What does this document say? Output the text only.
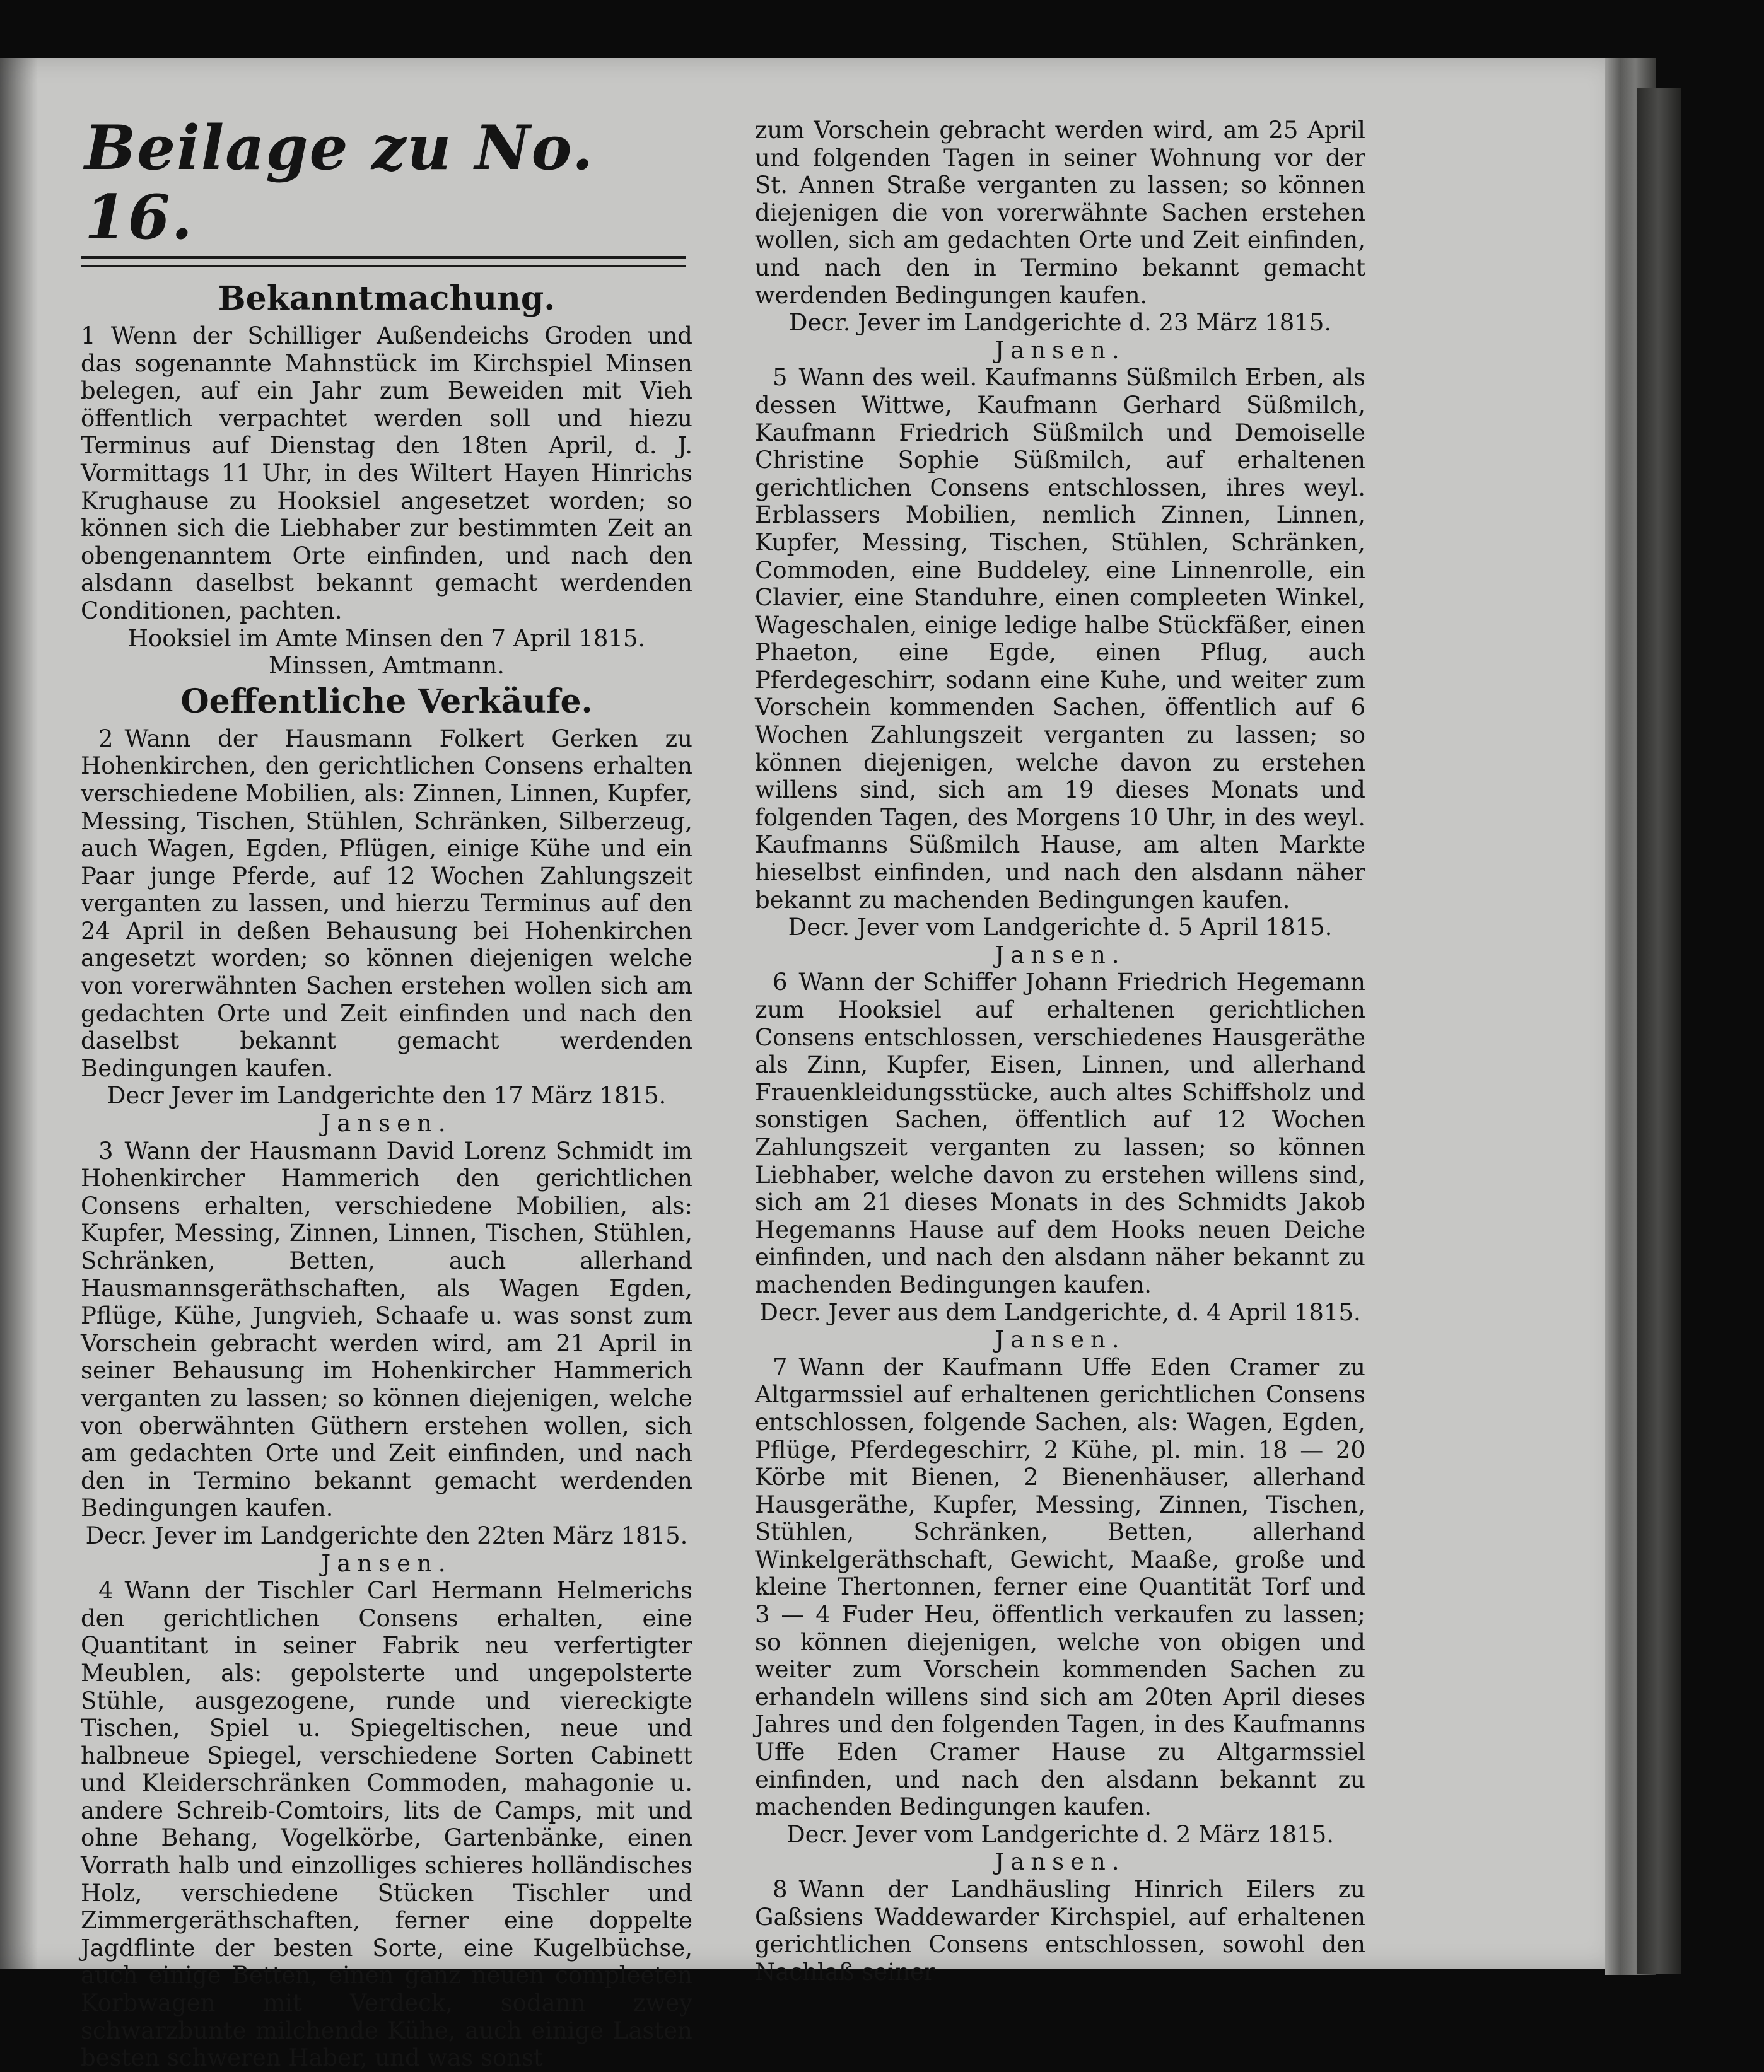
Beilage zu No. 16.
Bekanntmachung.

1 Wenn der Schilliger Außendeichs Groden und das sogenannte Mahnstück im Kirchspiel Minsen belegen, auf ein Jahr zum Beweiden mit Vieh öffentlich verpachtet werden soll und hiezu Terminus auf Dienstag den 18ten April, d. J. Vormittags 11 Uhr, in des Wiltert Hayen Hinrichs Krughause zu Hooksiel angesetzet worden; so können sich die Liebhaber zur bestimmten Zeit an obengenanntem Orte einfinden, und nach den alsdann daselbst bekannt gemacht werdenden Conditionen, pachten.

Hooksiel im Amte Minsen den 7 April 1815.

Minssen, Amtmann.

Oeffentliche Verkäufe.

2 Wann der Hausmann Folkert Gerken zu Hohenkirchen, den gerichtlichen Consens erhalten verschiedene Mobilien, als: Zinnen, Linnen, Kupfer, Messing, Tischen, Stühlen, Schränken, Silberzeug, auch Wagen, Egden, Pflügen, einige Kühe und ein Paar junge Pferde, auf 12 Wochen Zahlungszeit verganten zu lassen, und hierzu Terminus auf den 24 April in deßen Behausung bei Hohenkirchen angesetzt worden; so können diejenigen welche von vorerwähnten Sachen erstehen wollen sich am gedachten Orte und Zeit einfinden und nach den daselbst bekannt gemacht werdenden Bedingungen kaufen.

Decr Jever im Landgerichte den 17 März 1815.

Jansen.

3 Wann der Hausmann David Lorenz Schmidt im Hohenkircher Hammerich den gerichtlichen Consens erhalten, verschiedene Mobilien, als: Kupfer, Messing, Zinnen, Linnen, Tischen, Stühlen, Schränken, Betten, auch allerhand Hausmannsgeräthschaften, als Wagen Egden, Pflüge, Kühe, Jungvieh, Schaafe u. was sonst zum Vorschein gebracht werden wird, am 21 April in seiner Behausung im Hohenkircher Hammerich verganten zu lassen; so können diejenigen, welche von oberwähnten Güthern erstehen wollen, sich am gedachten Orte und Zeit einfinden, und nach den in Termino bekannt gemacht werdenden Bedingungen kaufen.

Decr. Jever im Landgerichte den 22ten März 1815.

Jansen.

4 Wann der Tischler Carl Hermann Helmerichs den gerichtlichen Consens erhalten, eine Quantitant in seiner Fabrik neu verfertigter Meublen, als: gepolsterte und ungepolsterte Stühle, ausgezogene, runde und viereckigte Tischen, Spiel u. Spiegeltischen, neue und halbneue Spiegel, verschiedene Sorten Cabinett und Kleiderschränken Commoden, mahagonie u. andere Schreib-Comtoirs, lits de Camps, mit und ohne Behang, Vogelkörbe, Gartenbänke, einen Vorrath halb und einzolliges schieres holländisches Holz, verschiedene Stücken Tischler und Zimmergeräthschaften, ferner eine doppelte Jagdflinte der besten Sorte, eine Kugelbüchse, auch einige Betten, einen ganz neuen compleeten Korbwagen mit Verdeck, sodann zwey schwarzbunte milchende Kühe, auch einige Lasten besten schweren Haber, und was sonst

zum Vorschein gebracht werden wird, am 25 April und folgenden Tagen in seiner Wohnung vor der St. Annen Straße verganten zu lassen; so können diejenigen die von vorerwähnte Sachen erstehen wollen, sich am gedachten Orte und Zeit einfinden, und nach den in Termino bekannt gemacht werdenden Bedingungen kaufen.

Decr. Jever im Landgerichte d. 23 März 1815.

Jansen.

5 Wann des weil. Kaufmanns Süßmilch Erben, als dessen Wittwe, Kaufmann Gerhard Süßmilch, Kaufmann Friedrich Süßmilch und Demoiselle Christine Sophie Süßmilch, auf erhaltenen gerichtlichen Consens entschlossen, ihres weyl. Erblassers Mobilien, nemlich Zinnen, Linnen, Kupfer, Messing, Tischen, Stühlen, Schränken, Commoden, eine Buddeley, eine Linnenrolle, ein Clavier, eine Standuhre, einen compleeten Winkel, Wageschalen, einige ledige halbe Stückfäßer, einen Phaeton, eine Egde, einen Pflug, auch Pferdegeschirr, sodann eine Kuhe, und weiter zum Vorschein kommenden Sachen, öffentlich auf 6 Wochen Zahlungszeit verganten zu lassen; so können diejenigen, welche davon zu erstehen willens sind, sich am 19 dieses Monats und folgenden Tagen, des Morgens 10 Uhr, in des weyl. Kaufmanns Süßmilch Hause, am alten Markte hieselbst einfinden, und nach den alsdann näher bekannt zu machenden Bedingungen kaufen.

Decr. Jever vom Landgerichte d. 5 April 1815.

Jansen.

6 Wann der Schiffer Johann Friedrich Hegemann zum Hooksiel auf erhaltenen gerichtlichen Consens entschlossen, verschiedenes Hausgeräthe als Zinn, Kupfer, Eisen, Linnen, und allerhand Frauenkleidungsstücke, auch altes Schiffsholz und sonstigen Sachen, öffentlich auf 12 Wochen Zahlungszeit verganten zu lassen; so können Liebhaber, welche davon zu erstehen willens sind, sich am 21 dieses Monats in des Schmidts Jakob Hegemanns Hause auf dem Hooks neuen Deiche einfinden, und nach den alsdann näher bekannt zu machenden Bedingungen kaufen.

Decr. Jever aus dem Landgerichte, d. 4 April 1815.

Jansen.

7 Wann der Kaufmann Uffe Eden Cramer zu Altgarmssiel auf erhaltenen gerichtlichen Consens entschlossen, folgende Sachen, als: Wagen, Egden, Pflüge, Pferdegeschirr, 2 Kühe, pl. min. 18 — 20 Körbe mit Bienen, 2 Bienenhäuser, allerhand Hausgeräthe, Kupfer, Messing, Zinnen, Tischen, Stühlen, Schränken, Betten, allerhand Winkelgeräthschaft, Gewicht, Maaße, große und kleine Thertonnen, ferner eine Quantität Torf und 3 — 4 Fuder Heu, öffentlich verkaufen zu lassen; so können diejenigen, welche von obigen und weiter zum Vorschein kommenden Sachen zu erhandeln willens sind sich am 20ten April dieses Jahres und den folgenden Tagen, in des Kaufmanns Uffe Eden Cramer Hause zu Altgarmssiel einfinden, und nach den alsdann bekannt zu machenden Bedingungen kaufen.

Decr. Jever vom Landgerichte d. 2 März 1815.

Jansen.

8 Wann der Landhäusling Hinrich Eilers zu Gaßsiens Waddewarder Kirchspiel, auf erhaltenen gerichtlichen Consens entschlossen, sowohl den Nachlaß seiner
